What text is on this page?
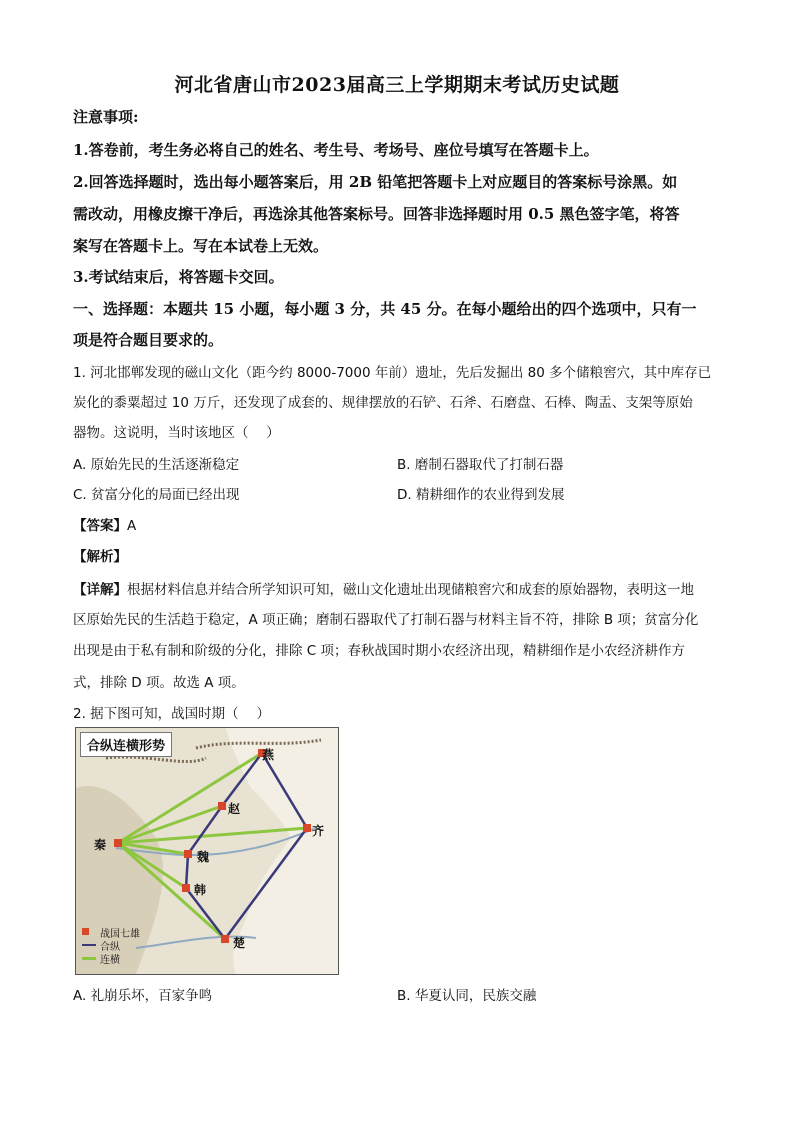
河北省唐山市2023届高三上学期期末考试历史试题
注意事项:
1.答卷前，考生务必将自己的姓名、考生号、考场号、座位号填写在答题卡上。
2.回答选择题时，选出每小题答案后，用 2B 铅笔把答题卡上对应题目的答案标号涂黑。如
需改动，用橡皮擦干净后，再选涂其他答案标号。回答非选择题时用 0.5 黑色签字笔，将答
案写在答题卡上。写在本试卷上无效。
3.考试结束后，将答题卡交回。
一、选择题：本题共 15 小题，每小题 3 分，共 45 分。在每小题给出的四个选项中，只有一
项是符合题目要求的。
1. 河北邯郸发现的磁山文化（距今约 8000-7000 年前）遗址，先后发掘出 80 多个储粮窖穴，其中库存已
炭化的黍粟超过 10 万斤，还发现了成套的、规律摆放的石铲、石斧、石磨盘、石棒、陶盂、支架等原始
器物。这说明，当时该地区（　 ）
A. 原始先民的生活逐渐稳定	B. 磨制石器取代了打制石器
C. 贫富分化的局面已经出现	D. 精耕细作的农业得到发展
【答案】A
【解析】
【详解】根据材料信息并结合所学知识可知，磁山文化遗址出现储粮窖穴和成套的原始器物，表明这一地
区原始先民的生活趋于稳定，A 项正确；磨制石器取代了打制石器与材料主旨不符，排除 B 项；贫富分化
出现是由于私有制和阶级的分化，排除 C 项；春秋战国时期小农经济出现，精耕细作是小农经济耕作方
式，排除 D 项。故选 A 项。
2. 据下图可知，战国时期（　 ）
合纵连横形势
燕
赵
齐
秦
魏
韩
楚
战国七雄
合纵
连横
A. 礼崩乐坏，百家争鸣	B. 华夏认同，民族交融
